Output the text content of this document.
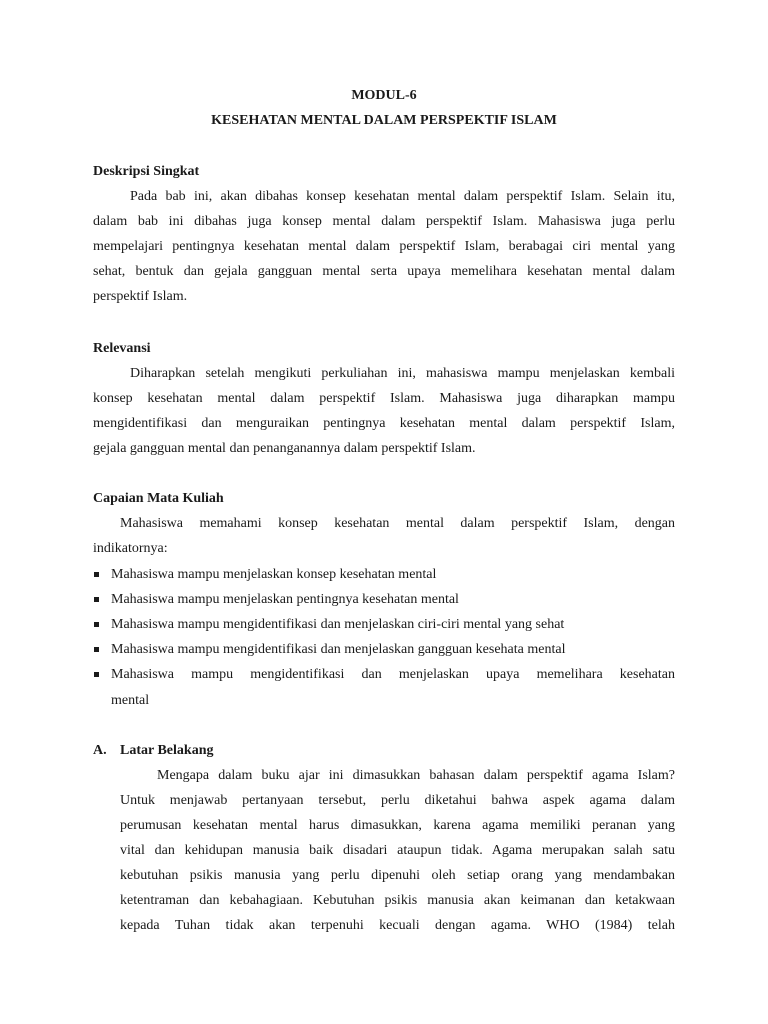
MODUL-6
KESEHATAN MENTAL DALAM PERSPEKTIF ISLAM
Deskripsi Singkat
Pada bab ini, akan dibahas konsep kesehatan mental dalam perspektif Islam. Selain itu,
dalam bab ini dibahas juga konsep mental dalam perspektif Islam. Mahasiswa juga perlu
mempelajari pentingnya kesehatan mental dalam perspektif Islam, berabagai ciri mental yang
sehat, bentuk dan gejala gangguan mental serta upaya memelihara kesehatan mental dalam
perspektif Islam.
Relevansi
Diharapkan setelah mengikuti perkuliahan ini, mahasiswa mampu menjelaskan kembali
konsep kesehatan mental dalam perspektif Islam. Mahasiswa juga diharapkan mampu
mengidentifikasi dan menguraikan pentingnya kesehatan mental dalam perspektif Islam,
gejala gangguan mental dan penanganannya dalam perspektif Islam.
Capaian Mata Kuliah
Mahasiswa memahami konsep kesehatan mental dalam perspektif Islam, dengan
indikatornya:
Mahasiswa mampu menjelaskan konsep kesehatan mental
Mahasiswa mampu menjelaskan pentingnya kesehatan mental
Mahasiswa mampu mengidentifikasi dan menjelaskan ciri-ciri mental yang sehat
Mahasiswa mampu mengidentifikasi dan menjelaskan gangguan kesehata mental
Mahasiswa mampu mengidentifikasi dan menjelaskan upaya memelihara kesehatan
mental
A. Latar Belakang
Mengapa dalam buku ajar ini dimasukkan bahasan dalam perspektif agama Islam?
Untuk menjawab pertanyaan tersebut, perlu diketahui bahwa aspek agama dalam
perumusan kesehatan mental harus dimasukkan, karena agama memiliki peranan yang
vital dan kehidupan manusia baik disadari ataupun tidak. Agama merupakan salah satu
kebutuhan psikis manusia yang perlu dipenuhi oleh setiap orang yang mendambakan
ketentraman dan kebahagiaan. Kebutuhan psikis manusia akan keimanan dan ketakwaan
kepada Tuhan tidak akan terpenuhi kecuali dengan agama. WHO (1984) telah
